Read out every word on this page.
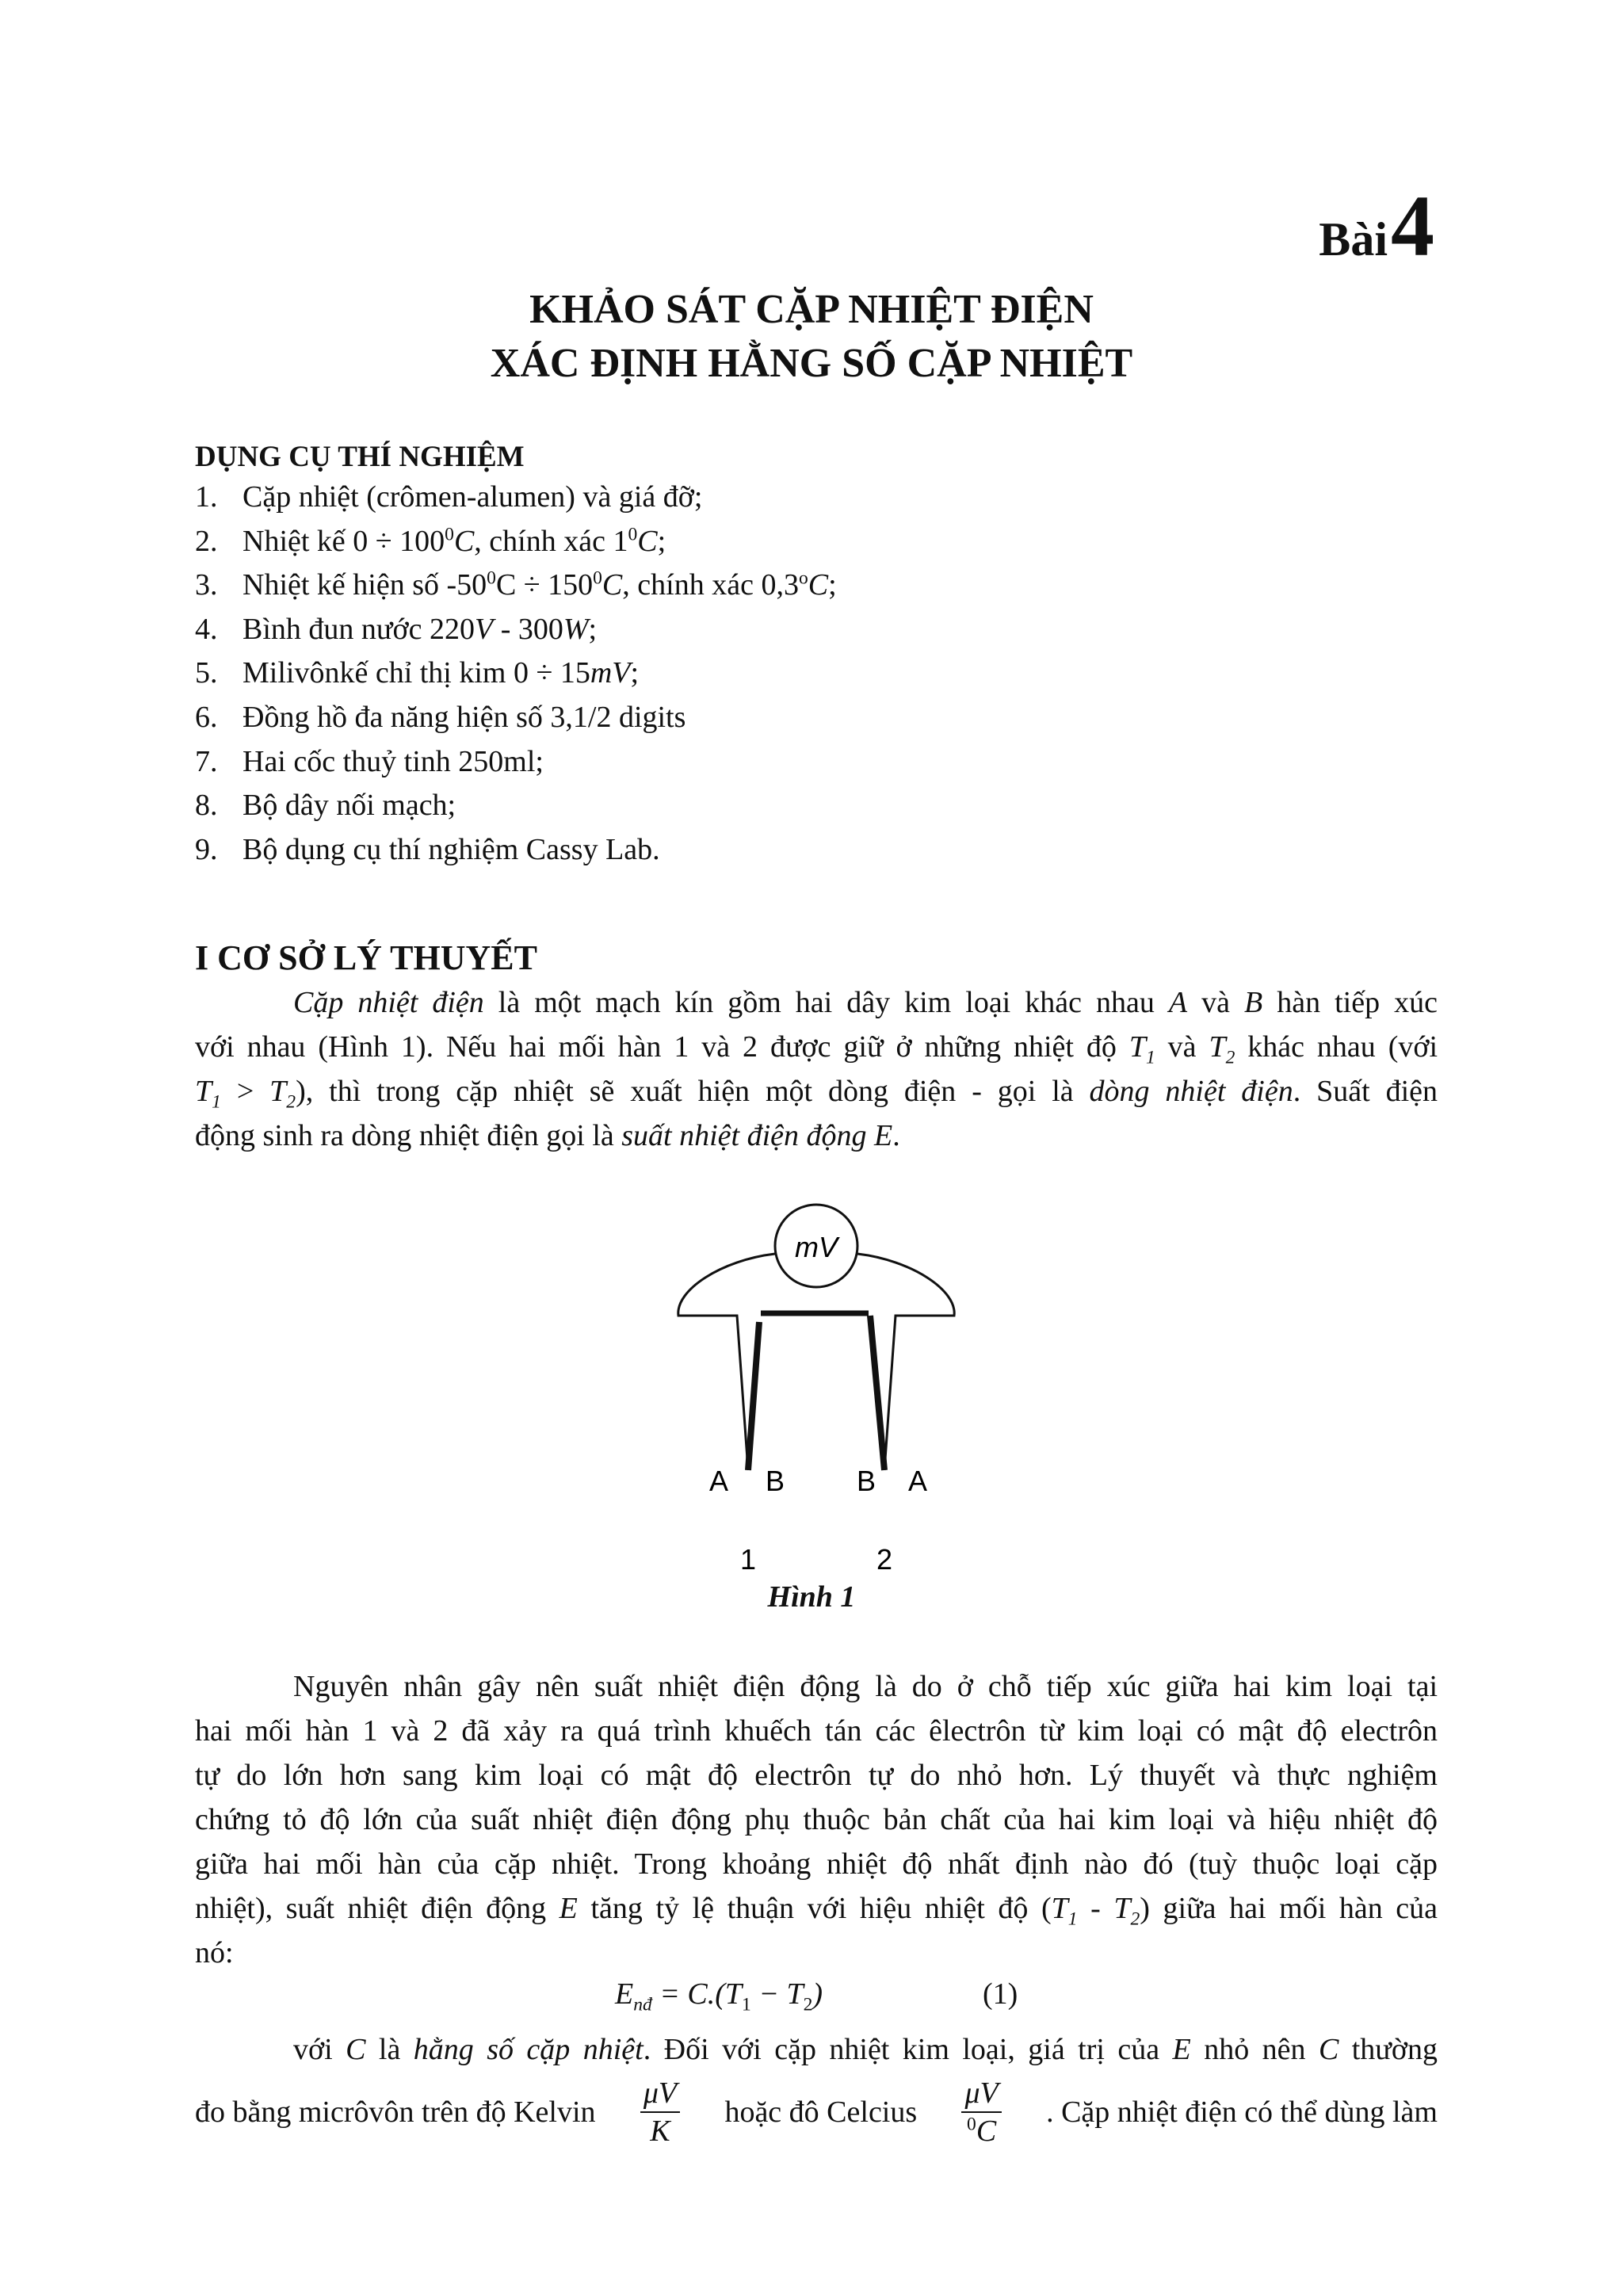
Bài 4
KHẢO SÁT CẶP NHIỆT ĐIỆN
XÁC ĐỊNH HẰNG SỐ CẶP NHIỆT
DỤNG CỤ THÍ NGHIỆM
1. Cặp nhiệt (crômen-alumen) và giá đỡ;
2. Nhiệt kế $0 \div 100^0C$, chính xác $1^0C$;
3. Nhiệt kế hiện số $-50^0C \div 150^0C$, chính xác 0,3$^o$C;
4. Bình đun nước 220V - 300W;
5. Milivônkế chỉ thị kim 0 ÷ 15mV;
6. Đồng hồ đa năng hiện số 3,1/2 digits
7. Hai cốc thuỷ tinh 250ml;
8. Bộ dây nối mạch;
9. Bộ dụng cụ thí nghiệm Cassy Lab.
I CƠ SỞ LÝ THUYẾT
Cặp nhiệt điện là một mạch kín gồm hai dây kim loại khác nhau A và B hàn tiếp xúc
với nhau (Hình 1). Nếu hai mối hàn 1 và 2 được giữ ở những nhiệt độ $T_1$ và $T_2$ khác nhau (với
$T_1 > T_2$), thì trong cặp nhiệt sẽ xuất hiện một dòng điện - gọi là dòng nhiệt điện. Suất điện
động sinh ra dòng nhiệt điện gọi là suất nhiệt điện động E.
mV
A B	B A
1	2
Hình 1
Nguyên nhân gây nên suất nhiệt điện động là do ở chỗ tiếp xúc giữa hai kim loại tại
hai mối hàn 1 và 2 đã xảy ra quá trình khuếch tán các êlectrôn từ kim loại có mật độ electrôn
tự do lớn hơn sang kim loại có mật độ electrôn tự do nhỏ hơn. Lý thuyết và thực nghiệm
chứng tỏ độ lớn của suất nhiệt điện động phụ thuộc bản chất của hai kim loại và hiệu nhiệt độ
giữa hai mối hàn của cặp nhiệt. Trong khoảng nhiệt độ nhất định nào đó (tuỳ thuộc loại cặp
nhiệt), suất nhiệt điện động E tăng tỷ lệ thuận với hiệu nhiệt độ $(T_1 - T_2)$ giữa hai mối hàn của
nó:
$E_{nđ} = C.(T_1 - T_2)$	(1)
với C là hằng số cặp nhiệt. Đối với cặp nhiệt kim loại, giá trị của E nhỏ nên C thường
đo bằng micrôvôn trên độ Kelvin $\frac{\mu V}{K}$ hoặc đô Celcius $\frac{\mu V}{^0C}$ . Cặp nhiệt điện có thể dùng làm
